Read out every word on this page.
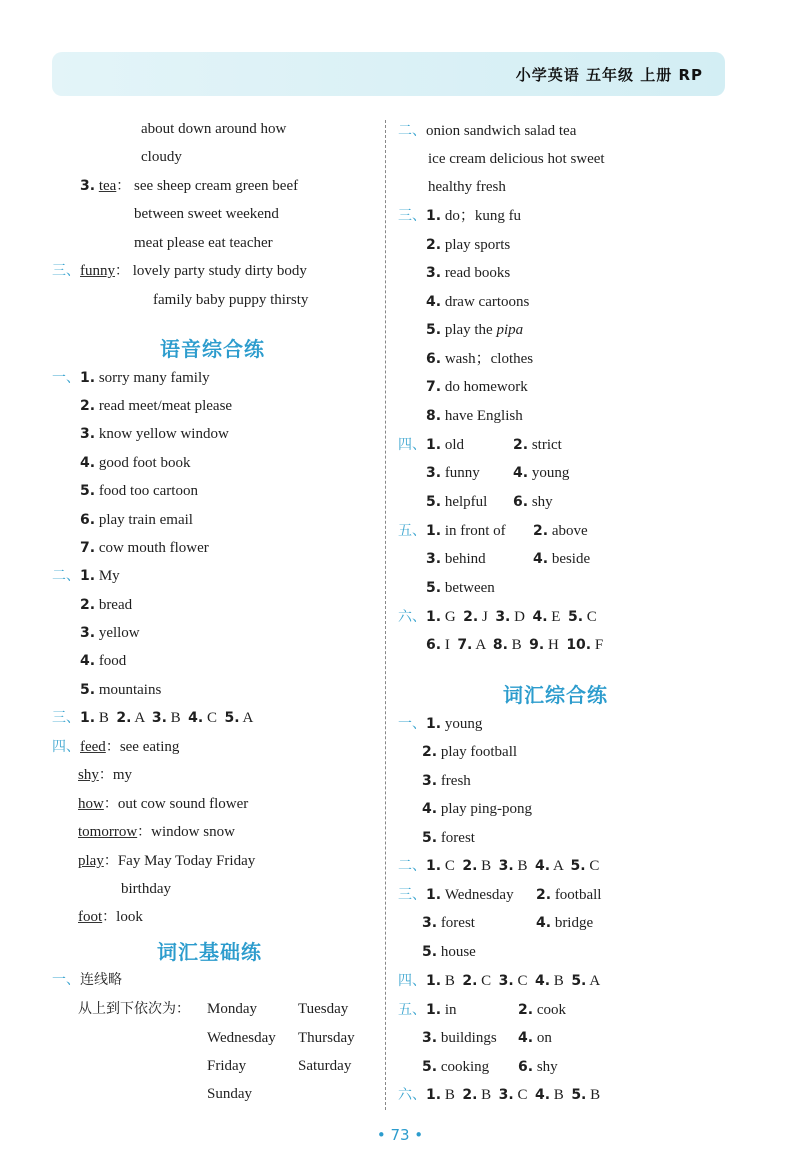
小学英语 五年级 上册 RP
about down around how
cloudy
3. tea： see sheep cream green beef
between sweet weekend
meat please eat teacher
三、funny： lovely party study dirty body
family baby puppy thirsty
语音综合练
一、1. sorry many family
2. read meet/meat please
3. know yellow window
4. good foot book
5. food too cartoon
6. play train email
7. cow mouth flower
二、1. My
2. bread
3. yellow
4. food
5. mountains
三、1. B 2. A 3. B 4. C 5. A
四、feed：see eating
shy：my
how：out cow sound flower
tomorrow：window snow
play：Fay May Today Friday
birthday
foot：look
词汇基础练
一、连线略
从上到下依次为： Monday	Tuesday
Wednesday Thursday
Friday	Saturday
Sunday
二、onion sandwich salad tea
ice cream delicious hot sweet
healthy fresh
三、1. do；kung fu
2. play sports
3. read books
4. draw cartoons
5. play the pipa
6. wash；clothes
7. do homework
8. have English
四、1. old	2. strict
3. funny 4. young
5. helpful 6. shy
五、1. in front of 2. above
3. behind	4. beside
5. between
六、1. G 2. J 3. D 4. E 5. C
6. I 7. A 8. B 9. H 10. F
词汇综合练
一、1. young
2. play football
3. fresh
4. play ping-pong
5. forest
二、1. C 2. B 3. B 4. A 5. C
三、1. Wednesday 2. football
3. forest	4. bridge
5. house
四、1. B 2. C 3. C 4. B 5. A
五、1. in	2. cook
3. buildings 4. on
5. cooking 6. shy
六、1. B 2. B 3. C 4. B 5. B
• 73 •
